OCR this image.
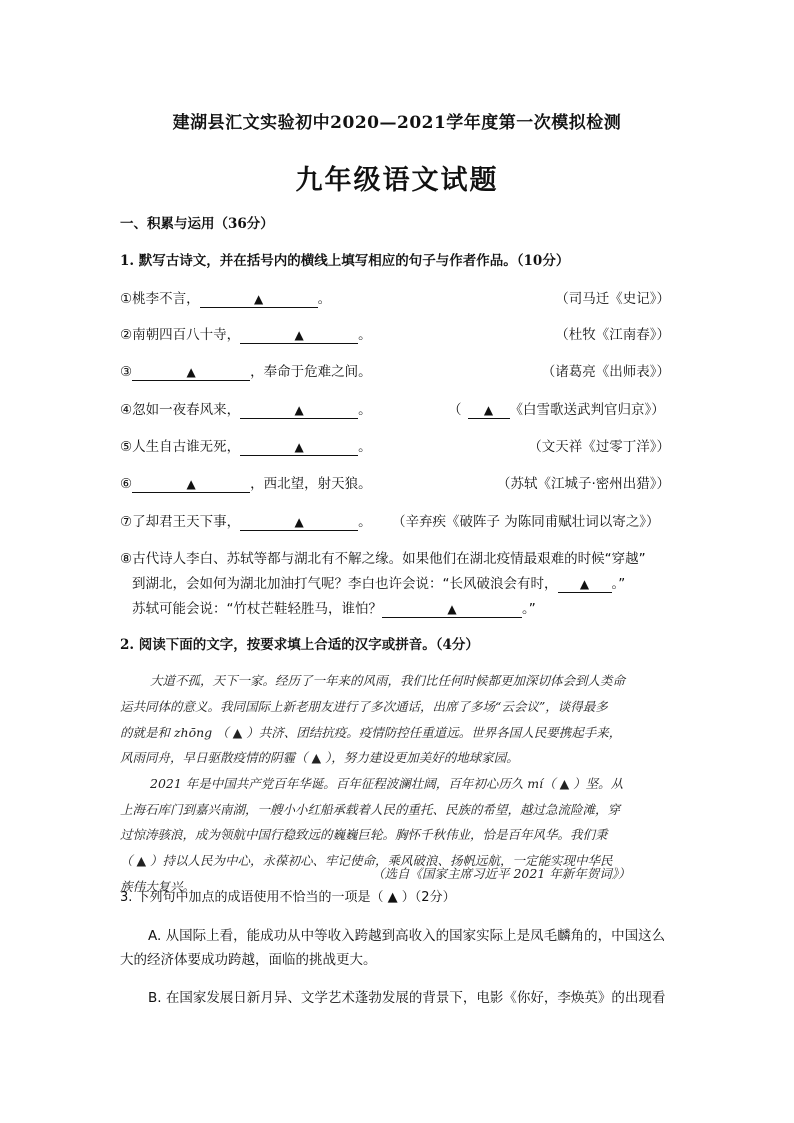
建湖县汇文实验初中2020—2021学年度第一次模拟检测
九年级语文试题
一、积累与运用（36分）
1. 默写古诗文，并在括号内的横线上填写相应的句子与作者作品。（10分）
①桃李不言，	▲	。	（司马迁《史记》）
②南朝四百八十寺，	▲	。	（杜牧《江南春》）
③	▲	，奉命于危难之间。	（诸葛亮《出师表》）
④忽如一夜春风来，	▲	。	（ ▲ 《白雪歌送武判官归京》）
⑤人生自古谁无死，	▲	。	（文天祥《过零丁洋》）
⑥	▲	，西北望，射天狼。	（苏轼《江城子·密州出猎》）
⑦了却君王天下事，	▲	。 （辛弃疾《破阵子 为陈同甫赋壮词以寄之》）
⑧古代诗人李白、苏轼等都与湖北有不解之缘。如果他们在湖北疫情最艰难的时候“穿越”
到湖北，会如何为湖北加油打气呢？李白也许会说：“长风破浪会有时， ▲ 。”
苏轼可能会说：“竹杖芒鞋轻胜马，谁怕？	▲	。”
2. 阅读下面的文字，按要求填上合适的汉字或拼音。（4分）
大道不孤，天下一家。经历了一年来的风雨，我们比任何时候都更加深切体会到人类命
运共同体的意义。我同国际上新老朋友进行了多次通话，出席了多场“云会议”，谈得最多
的就是和 zhōng （ ▲ ）共济、团结抗疫。疫情防控任重道远。世界各国人民要携起手来，
风雨同舟，早日驱散疫情的阴霾（ ▲ ），努力建设更加美好的地球家园。
2021 年是中国共产党百年华诞。百年征程波澜壮阔，百年初心历久 mí（ ▲ ）坚。从
上海石库门到嘉兴南湖，一艘小小红船承载着人民的重托、民族的希望，越过急流险滩，穿
过惊涛骇浪，成为领航中国行稳致远的巍巍巨轮。胸怀千秋伟业，恰是百年风华。我们秉
（ ▲ ）持以人民为中心，永葆初心、牢记使命，乘风破浪、扬帆远航，一定能实现中华民
族伟大复兴。
（选自《国家主席习近平 2021 年新年贺词》）
3. 下列句中加点的成语使用不恰当的一项是（ ▲ ）（2分）
A. 从国际上看，能成功从中等收入跨越到高收入的国家实际上是凤毛麟角的，中国这么
大的经济体要成功跨越，面临的挑战更大。
B. 在国家发展日新月异、文学艺术蓬勃发展的背景下，电影《你好，李焕英》的出现看
